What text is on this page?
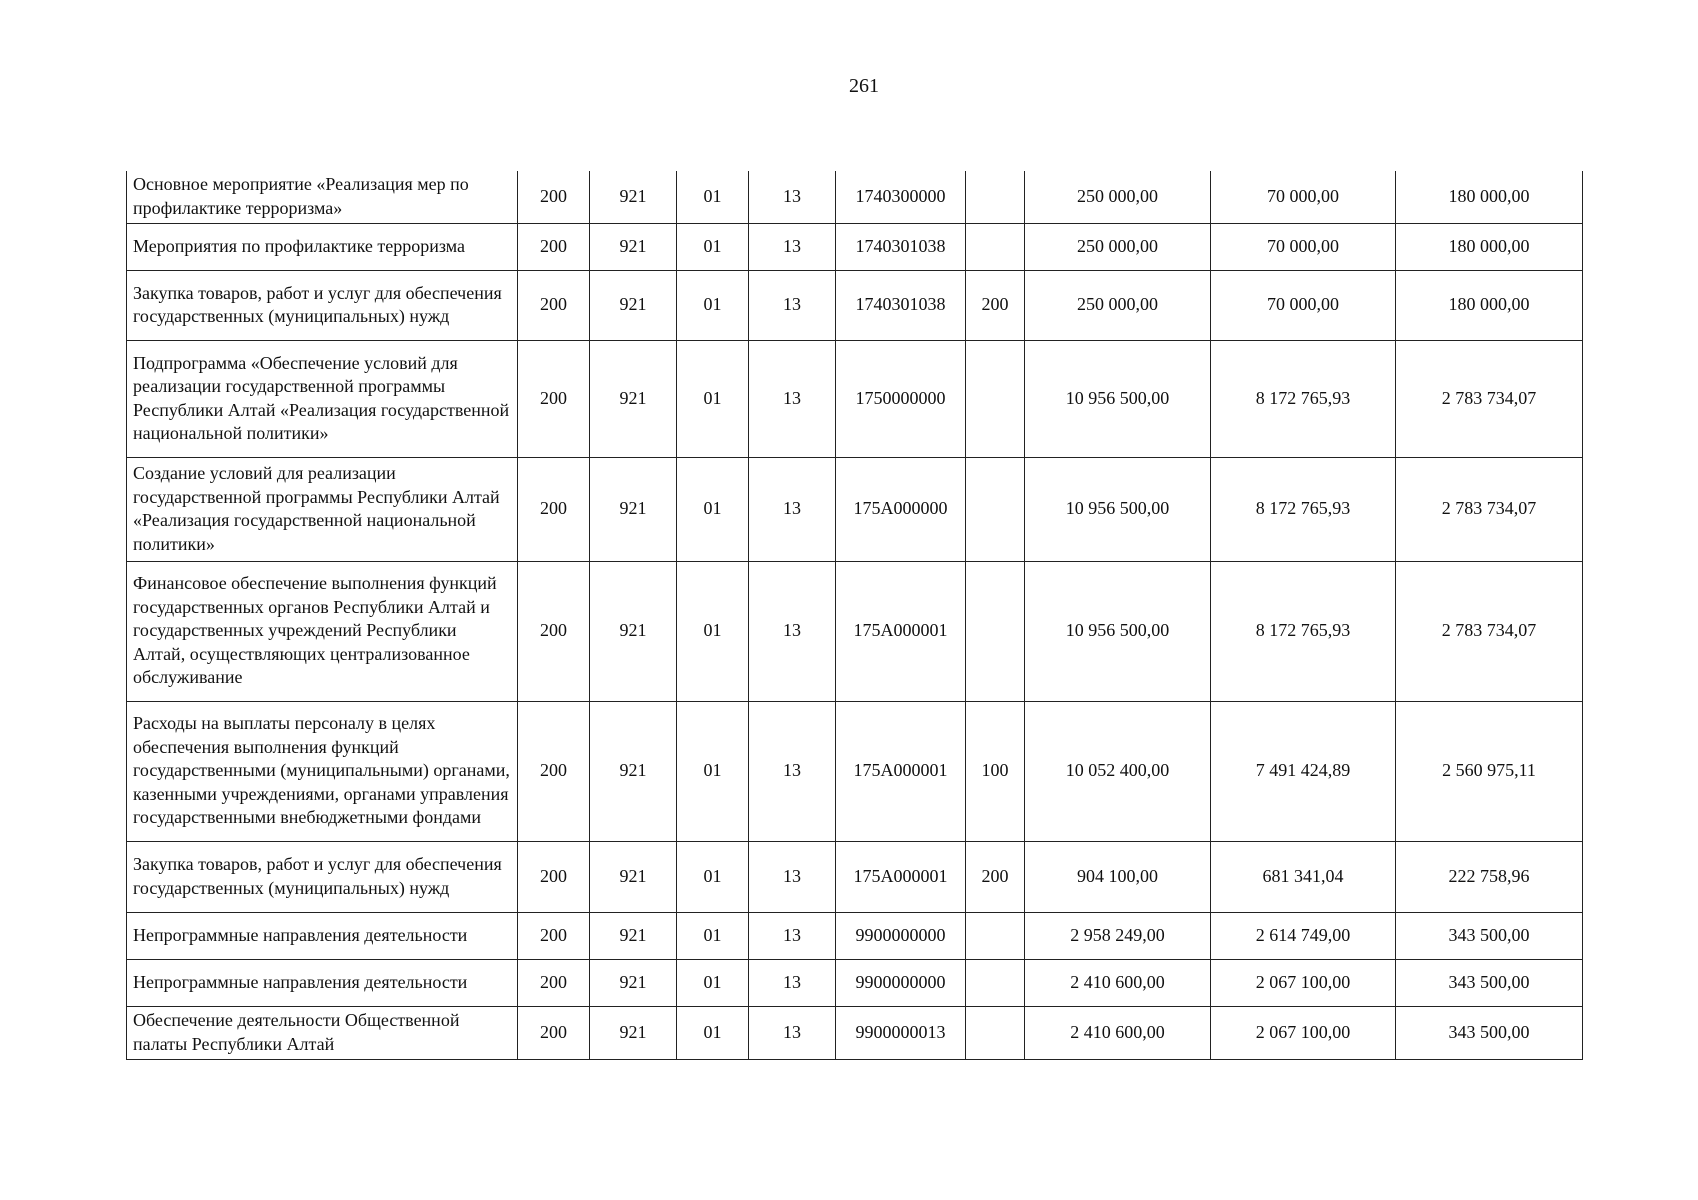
261
Основное мероприятие «Реализация мер по профилактике терроризма»	200	921	01	13	1740300000		250 000,00	70 000,00	180 000,00
Мероприятия по профилактике терроризма	200	921	01	13	1740301038		250 000,00	70 000,00	180 000,00
Закупка товаров, работ и услуг для обеспечения государственных (муниципальных) нужд	200	921	01	13	1740301038	200	250 000,00	70 000,00	180 000,00
Подпрограмма «Обеспечение условий для реализации государственной программы Республики Алтай «Реализация государственной национальной политики»	200	921	01	13	1750000000		10 956 500,00	8 172 765,93	2 783 734,07
Создание условий для реализации государственной программы Республики Алтай «Реализация государственной национальной политики»	200	921	01	13	175А000000		10 956 500,00	8 172 765,93	2 783 734,07
Финансовое обеспечение выполнения функций государственных органов Республики Алтай и государственных учреждений Республики Алтай, осуществляющих централизованное обслуживание	200	921	01	13	175А000001		10 956 500,00	8 172 765,93	2 783 734,07
Расходы на выплаты персоналу в целях обеспечения выполнения функций государственными (муниципальными) органами, казенными учреждениями, органами управления государственными внебюджетными фондами	200	921	01	13	175А000001	100	10 052 400,00	7 491 424,89	2 560 975,11
Закупка товаров, работ и услуг для обеспечения государственных (муниципальных) нужд	200	921	01	13	175А000001	200	904 100,00	681 341,04	222 758,96
Непрограммные направления деятельности	200	921	01	13	9900000000		2 958 249,00	2 614 749,00	343 500,00
Непрограммные направления деятельности	200	921	01	13	9900000000		2 410 600,00	2 067 100,00	343 500,00
Обеспечение деятельности Общественной палаты Республики Алтай	200	921	01	13	9900000013		2 410 600,00	2 067 100,00	343 500,00
